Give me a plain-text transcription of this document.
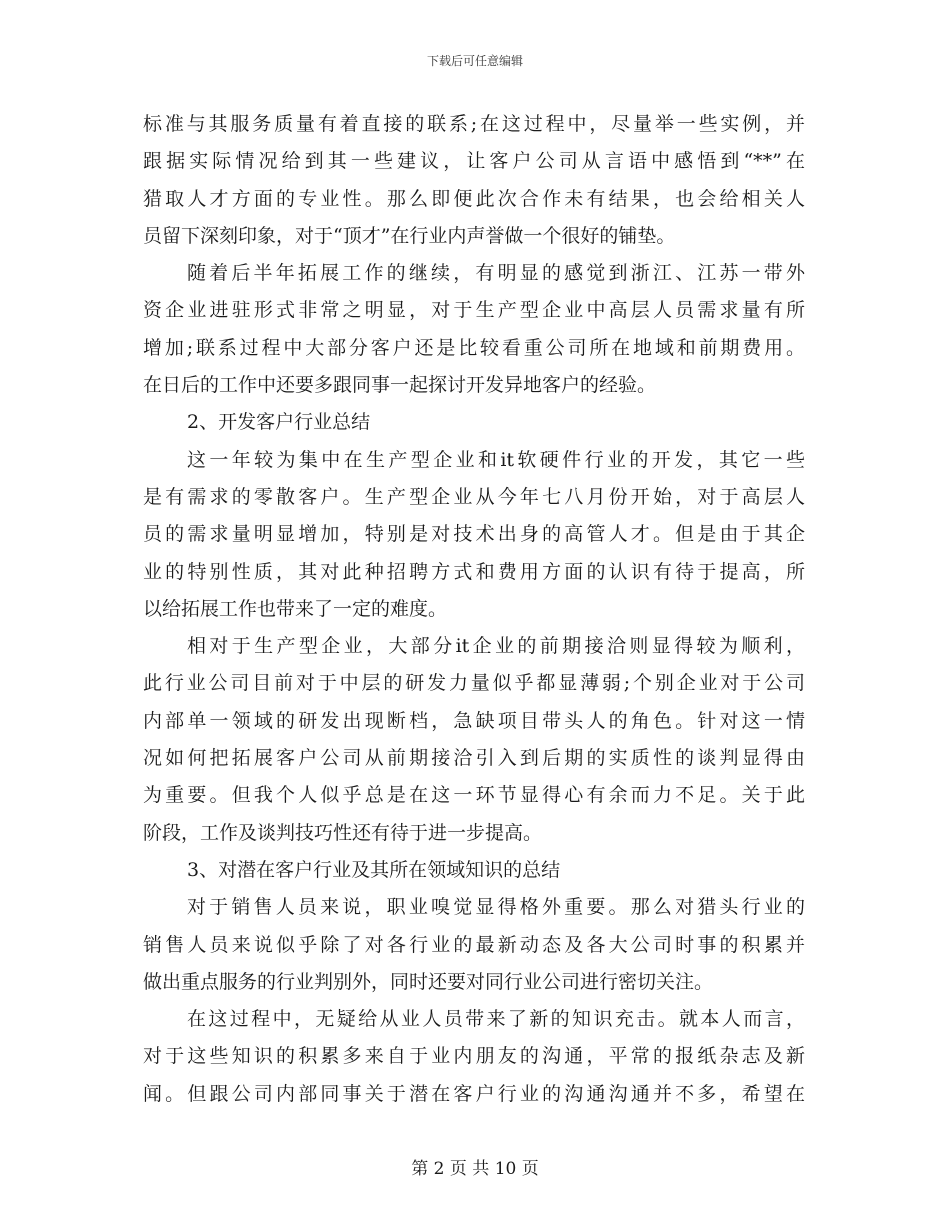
下载后可任意编辑
标准与其服务质量有着直接的联系;在这过程中，尽量举一些实例，并
跟据实际情况给到其一些建议，让客户公司从言语中感悟到“**”在
猎取人才方面的专业性。那么即便此次合作未有结果，也会给相关人
员留下深刻印象，对于“顶才”在行业内声誉做一个很好的铺垫。
随着后半年拓展工作的继续，有明显的感觉到浙江、江苏一带外
资企业进驻形式非常之明显，对于生产型企业中高层人员需求量有所
增加;联系过程中大部分客户还是比较看重公司所在地域和前期费用。
在日后的工作中还要多跟同事一起探讨开发异地客户的经验。
2、开发客户行业总结
这一年较为集中在生产型企业和it软硬件行业的开发，其它一些
是有需求的零散客户。生产型企业从今年七八月份开始，对于高层人
员的需求量明显增加，特别是对技术出身的高管人才。但是由于其企
业的特别性质，其对此种招聘方式和费用方面的认识有待于提高，所
以给拓展工作也带来了一定的难度。
相对于生产型企业，大部分it企业的前期接洽则显得较为顺利，
此行业公司目前对于中层的研发力量似乎都显薄弱;个别企业对于公司
内部单一领域的研发出现断档，急缺项目带头人的角色。针对这一情
况如何把拓展客户公司从前期接洽引入到后期的实质性的谈判显得由
为重要。但我个人似乎总是在这一环节显得心有余而力不足。关于此
阶段，工作及谈判技巧性还有待于进一步提高。
3、对潜在客户行业及其所在领域知识的总结
对于销售人员来说，职业嗅觉显得格外重要。那么对猎头行业的
销售人员来说似乎除了对各行业的最新动态及各大公司时事的积累并
做出重点服务的行业判别外，同时还要对同行业公司进行密切关注。
在这过程中，无疑给从业人员带来了新的知识充击。就本人而言，
对于这些知识的积累多来自于业内朋友的沟通，平常的报纸杂志及新
闻。但跟公司内部同事关于潜在客户行业的沟通沟通并不多，希望在
第 2 页 共 10 页
